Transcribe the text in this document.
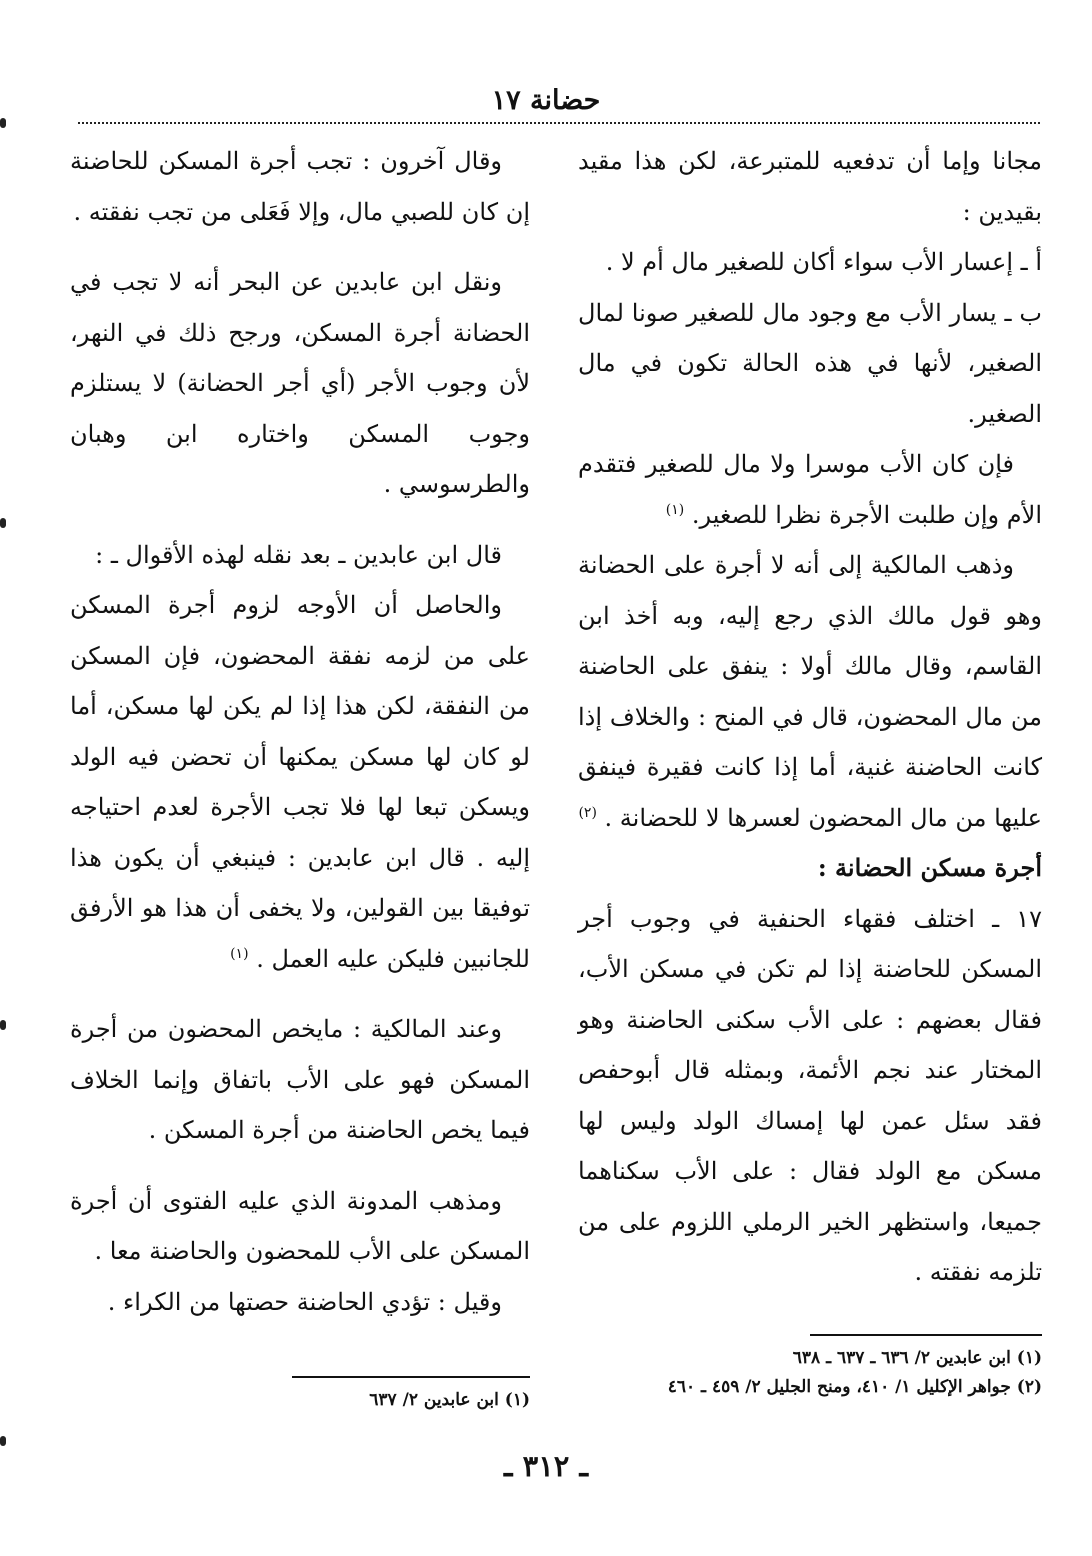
حضانة ١٧

مجانا وإما أن تدفعيه للمتبرعة، لكن هذا مقيد بقيدين :

أ ـ إعسار الأب سواء أكان للصغير مال أم لا .

ب ـ يسار الأب مع وجود مال للصغير صونا لمال الصغير، لأنها في هذه الحالة تكون في مال الصغير.

فإن كان الأب موسرا ولا مال للصغير فتقدم الأم وإن طلبت الأجرة نظرا للصغير. $^{(١)}$

وذهب المالكية إلى أنه لا أجرة على الحضانة وهو قول مالك الذي رجع إليه، وبه أخذ ابن القاسم، وقال مالك أولا : ينفق على الحاضنة من مال المحضون، قال في المنح : والخلاف إذا كانت الحاضنة غنية، أما إذا كانت فقيرة فينفق عليها من مال المحضون لعسرها لا للحضانة . $^{(٢)}$

أجرة مسكن الحضانة :

١٧ ـ اختلف فقهاء الحنفية في وجوب أجر المسكن للحاضنة إذا لم تكن في مسكن الأب، فقال بعضهم : على الأب سكنى الحاضنة وهو المختار عند نجم الأئمة، وبمثله قال أبوحفص فقد سئل عمن لها إمساك الولد وليس لها مسكن مع الولد فقال : على الأب سكناهما جميعا، واستظهر الخير الرملي اللزوم على من تلزمه نفقته .

وقال آخرون : تجب أجرة المسكن للحاضنة إن كان للصبي مال، وإلا فَعَلى من تجب نفقته .

ونقل ابن عابدين عن البحر أنه لا تجب في الحضانة أجرة المسكن، ورجح ذلك في النهر، لأن وجوب الأجر (أي أجر الحضانة) لا يستلزم وجوب المسكن واختاره ابن وهبان والطرسوسي .

قال ابن عابدين ـ بعد نقله لهذه الأقوال ـ :

والحاصل أن الأوجه لزوم أجرة المسكن على من لزمه نفقة المحضون، فإن المسكن من النفقة، لكن هذا إذا لم يكن لها مسكن، أما لو كان لها مسكن يمكنها أن تحضن فيه الولد ويسكن تبعا لها فلا تجب الأجرة لعدم احتياجه إليه . قال ابن عابدين : فينبغي أن يكون هذا توفيقا بين القولين، ولا يخفى أن هذا هو الأرفق للجانبين فليكن عليه العمل . $^{(١)}$

وعند المالكية : مايخص المحضون من أجرة المسكن فهو على الأب باتفاق وإنما الخلاف فيما يخص الحاضنة من أجرة المسكن .

ومذهب المدونة الذي عليه الفتوى أن أجرة المسكن على الأب للمحضون والحاضنة معا .

وقيل : تؤدي الحاضنة حصتها من الكراء .

(١) ابن عابدين ٢/ ٦٣٦ ـ ٦٣٧ ـ ٦٣٨

(٢) جواهر الإكليل ١/ ٤١٠، ومنح الجليل ٢/ ٤٥٩ ـ ٤٦٠

(١) ابن عابدين ٢/ ٦٣٧

ـ ٣١٢ ـ
